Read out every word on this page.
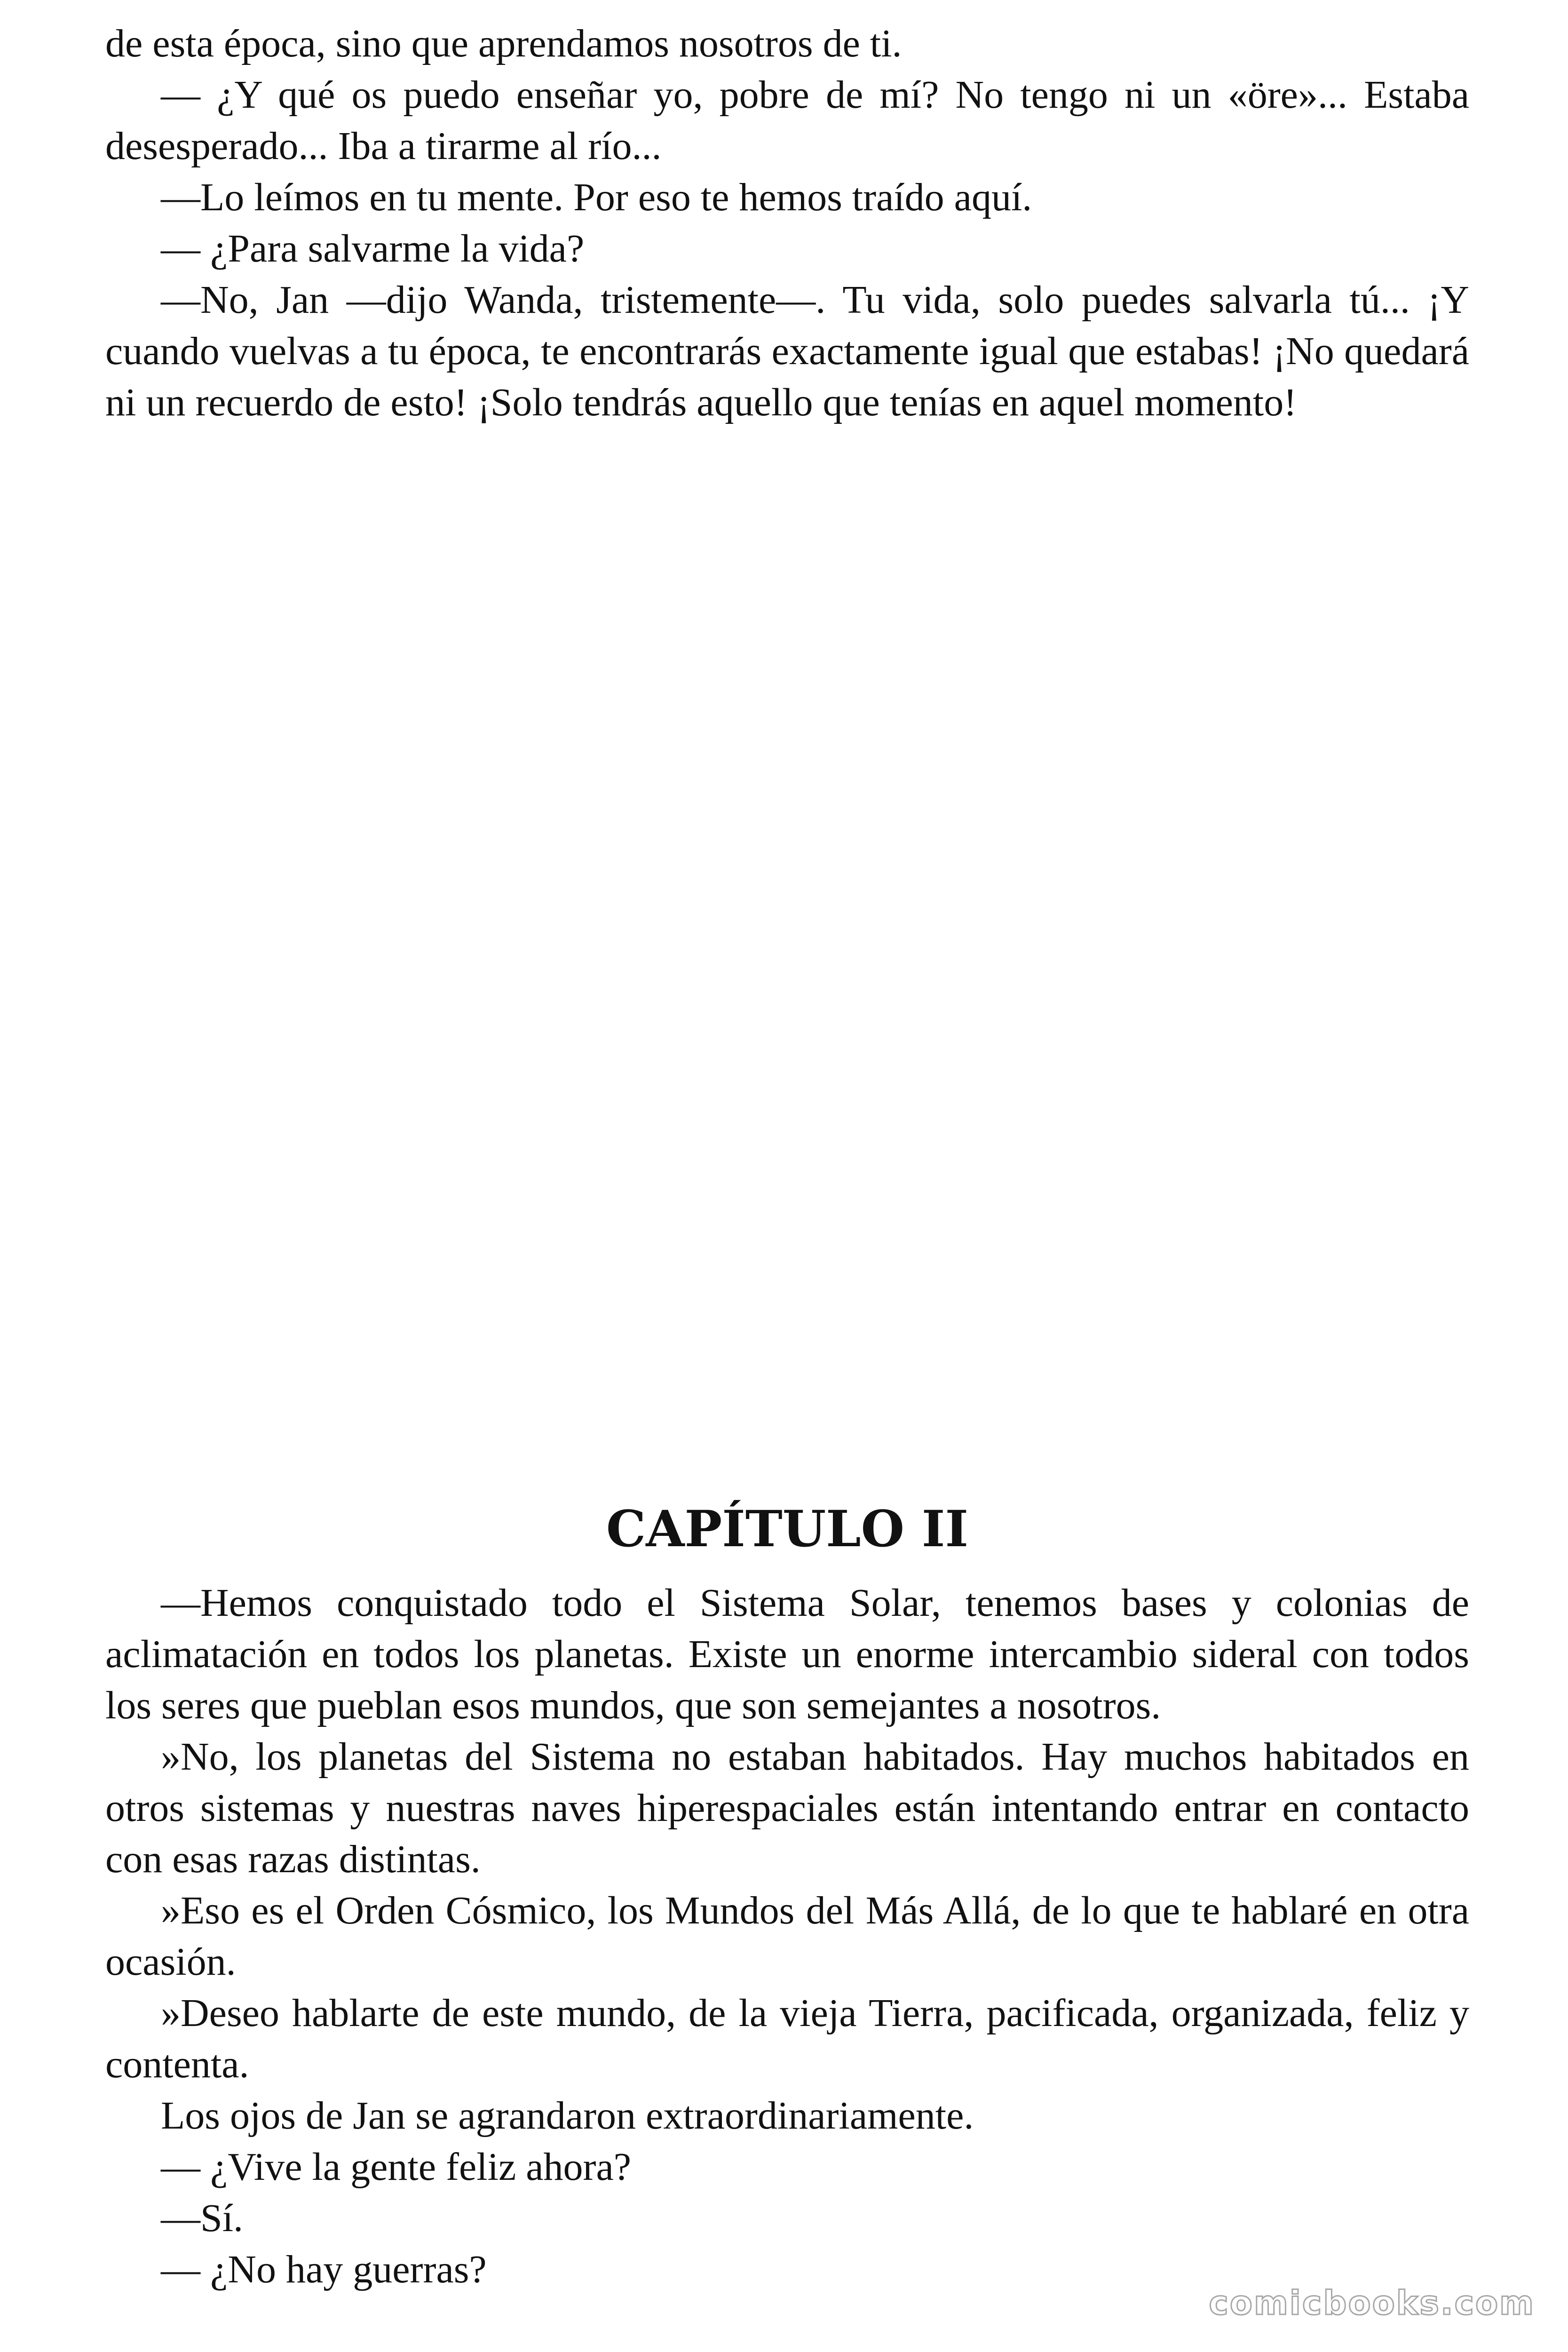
de esta época, sino que aprendamos nosotros de ti.

— ¿Y qué os puedo enseñar yo, pobre de mí? No tengo ni un «öre»... Estaba desesperado... Iba a tirarme al río...

—Lo leímos en tu mente. Por eso te hemos traído aquí.

— ¿Para salvarme la vida?

—No, Jan —dijo Wanda, tristemente—. Tu vida, solo puedes salvarla tú... ¡Y cuando vuelvas a tu época, te encontrarás exactamente igual que estabas! ¡No quedará ni un recuerdo de esto! ¡Solo tendrás aquello que tenías en aquel momento!

CAPÍTULO II

—Hemos conquistado todo el Sistema Solar, tenemos bases y colonias de aclimatación en todos los planetas. Existe un enorme intercambio sideral con todos los seres que pueblan esos mundos, que son semejantes a nosotros.

»No, los planetas del Sistema no estaban habitados. Hay muchos habitados en otros sistemas y nuestras naves hiperespaciales están intentando entrar en contacto con esas razas distintas.

»Eso es el Orden Cósmico, los Mundos del Más Allá, de lo que te hablaré en otra ocasión.

»Deseo hablarte de este mundo, de la vieja Tierra, pacificada, organizada, feliz y contenta.

Los ojos de Jan se agrandaron extraordinariamente.

— ¿Vive la gente feliz ahora?

—Sí.

— ¿No hay guerras?

comicbooks.com
